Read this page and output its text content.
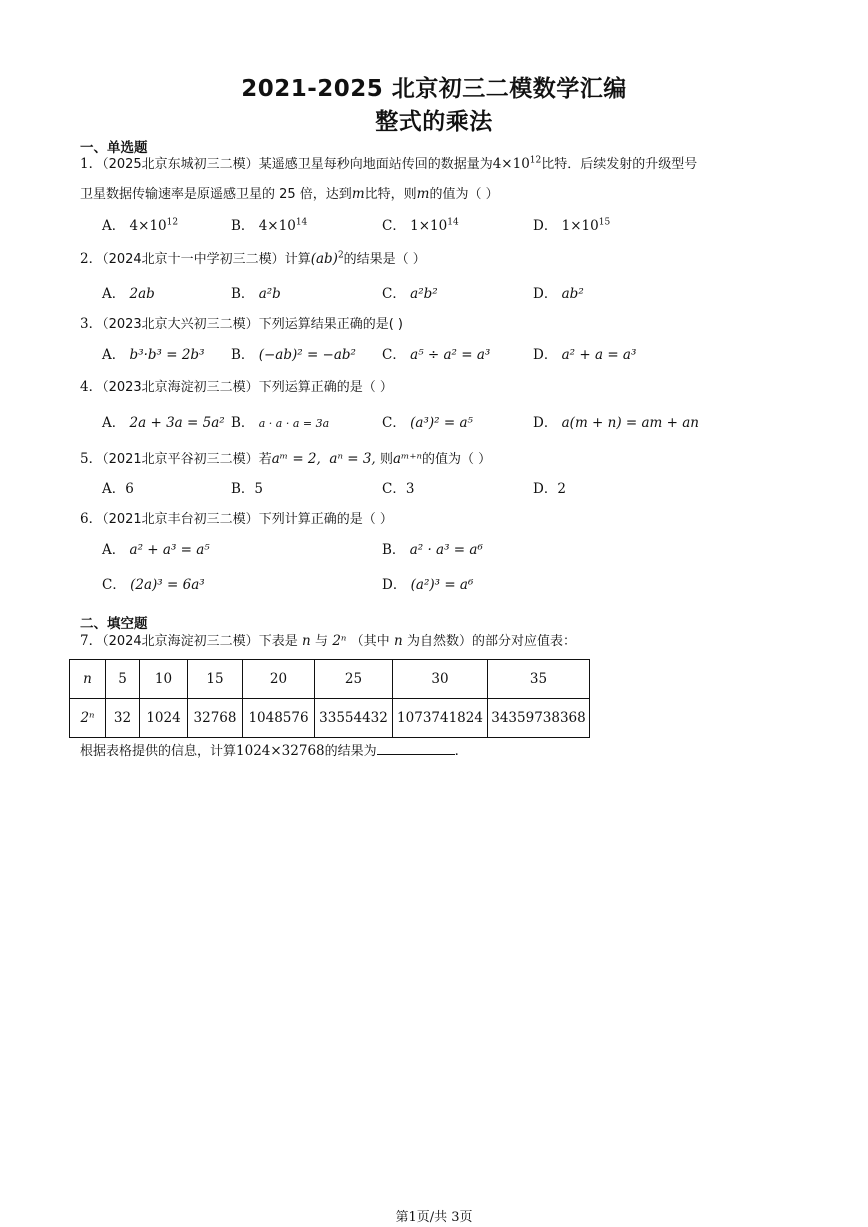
2021-2025 北京初三二模数学汇编
整式的乘法
一、单选题
1．（2025北京东城初三二模）某遥感卫星每秒向地面站传回的数据量为$4\times 10^{12}$比特．后续发射的升级型号
卫星数据传输速率是原遥感卫星的 25 倍，达到m比特，则m的值为（ ）
A． $4\times 10^{12}$	B． $4\times 10^{14}$	C． $1\times 10^{14}$	D． $1\times 10^{15}$
2．（2024北京十一中学初三二模）计算(ab)$^2$的结果是（ ）
A． 2ab	B． a²b	C． a²b²	D． ab²
3．（2023北京大兴初三二模）下列运算结果正确的是( )
A． b³·b³ = 2b³ B． (−ab)² = −ab² C． a⁵ ÷ a² = a³	D． a² + a = a³
4．（2023北京海淀初三二模）下列运算正确的是（ ）
A． 2a + 3a = 5a² B． a · a · a = 3a	C． (a³)² = a⁵	D． a(m + n) = am + an
5．（2021北京平谷初三二模）若aᵐ = 2, aⁿ = 3, 则aᵐ⁺ⁿ的值为（ ）
A．6	B．5	C．3	D．2
6．（2021北京丰台初三二模）下列计算正确的是（ ）
A． a² + a³ = a⁵	B． a² · a³ = a⁶
C． (2a)³ = 6a³	D． (a²)³ = a⁶
二、填空题
7．（2024北京海淀初三二模）下表是 n 与 2ⁿ （其中 n 为自然数）的部分对应值表：
n	5	10	15	20	25	30	35
2ⁿ	32	1024	32768	1048576	33554432	1073741824	34359738368
根据表格提供的信息，计算1024×32768的结果为	．
第1页/共 3页
